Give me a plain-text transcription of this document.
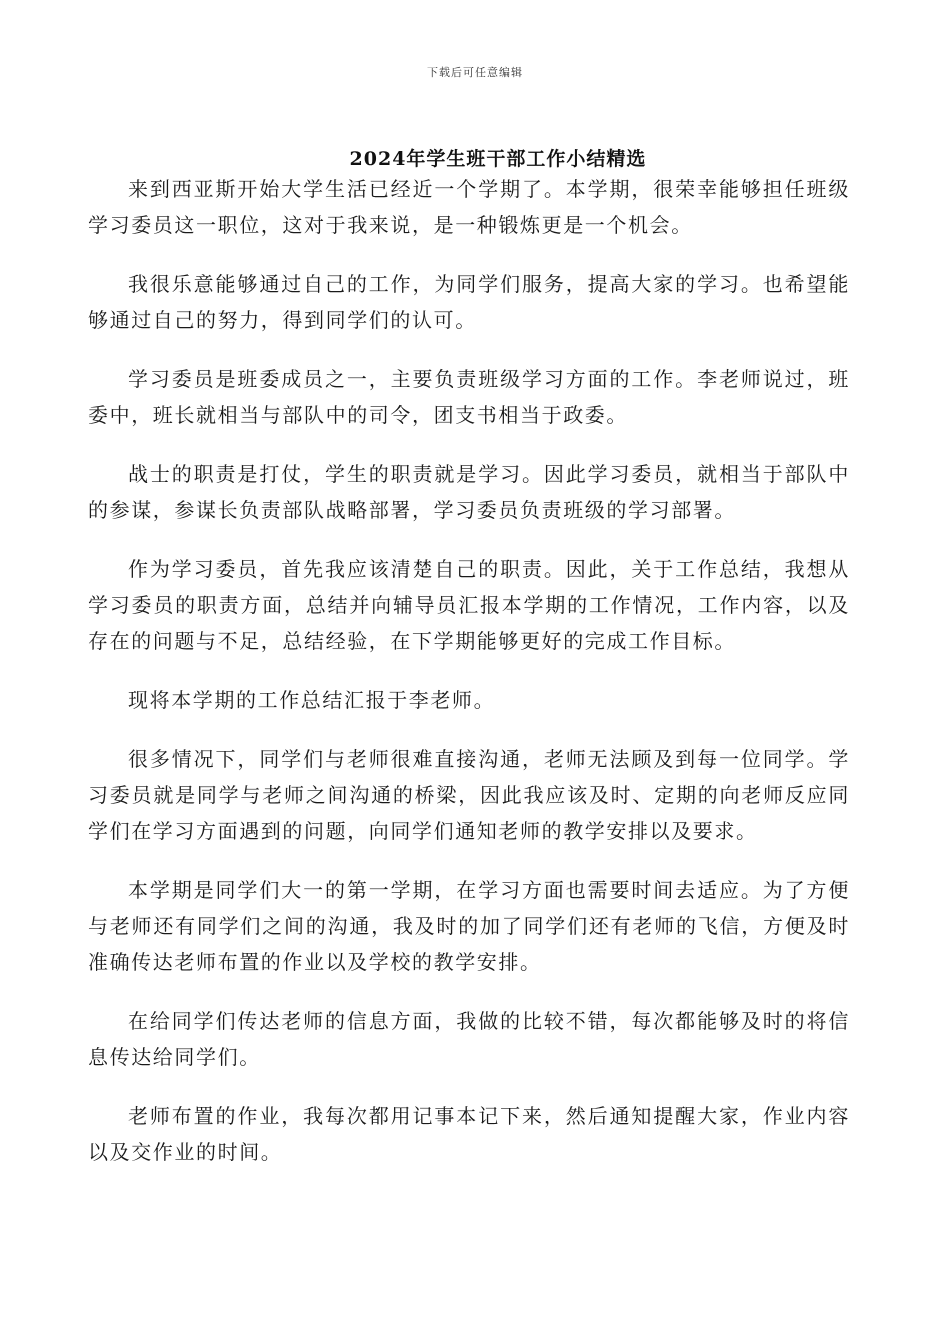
下载后可任意编辑
2024年学生班干部工作小结精选

来到西亚斯开始大学生活已经近一个学期了。本学期，很荣幸能够担任班级学习委员这一职位，这对于我来说，是一种锻炼更是一个机会。

我很乐意能够通过自己的工作，为同学们服务，提高大家的学习。也希望能够通过自己的努力，得到同学们的认可。

学习委员是班委成员之一，主要负责班级学习方面的工作。李老师说过，班委中，班长就相当与部队中的司令，团支书相当于政委。

战士的职责是打仗，学生的职责就是学习。因此学习委员，就相当于部队中的参谋，参谋长负责部队战略部署，学习委员负责班级的学习部署。

作为学习委员，首先我应该清楚自己的职责。因此，关于工作总结，我想从学习委员的职责方面，总结并向辅导员汇报本学期的工作情况，工作内容，以及存在的问题与不足，总结经验，在下学期能够更好的完成工作目标。

现将本学期的工作总结汇报于李老师。

很多情况下，同学们与老师很难直接沟通，老师无法顾及到每一位同学。学习委员就是同学与老师之间沟通的桥梁，因此我应该及时、定期的向老师反应同学们在学习方面遇到的问题，向同学们通知老师的教学安排以及要求。

本学期是同学们大一的第一学期，在学习方面也需要时间去适应。为了方便与老师还有同学们之间的沟通，我及时的加了同学们还有老师的飞信，方便及时准确传达老师布置的作业以及学校的教学安排。

在给同学们传达老师的信息方面，我做的比较不错，每次都能够及时的将信息传达给同学们。

老师布置的作业，我每次都用记事本记下来，然后通知提醒大家，作业内容以及交作业的时间。
